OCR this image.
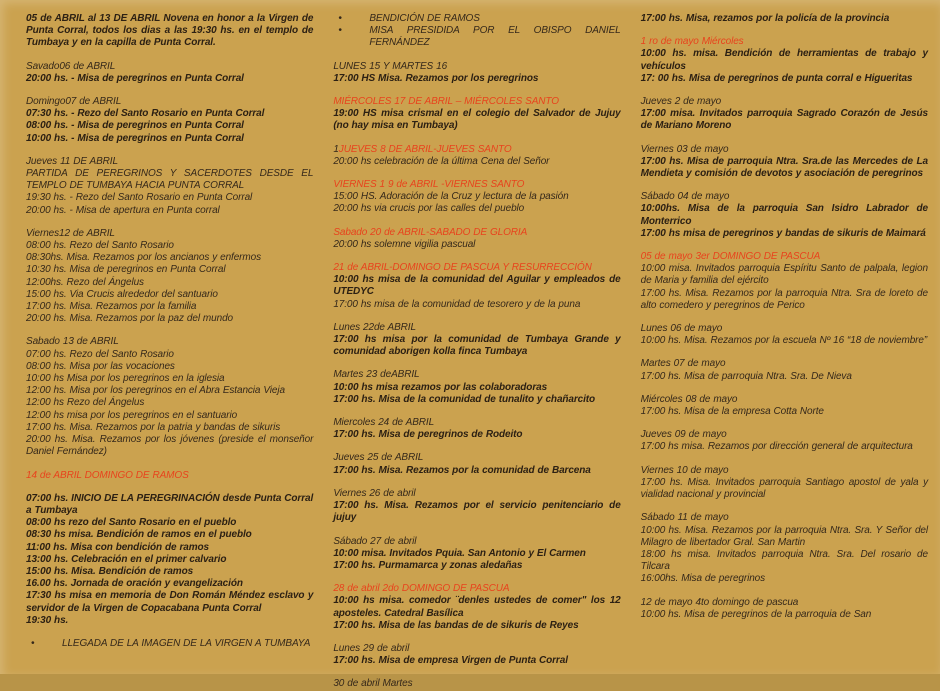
05 de ABRIL al 13 DE ABRIL Novena en honor a la Virgen de Punta Corral, todos los dias a las 19:30 hs. en el templo de Tumbaya y en la capilla de Punta Corral.

Savado06 de ABRIL

20:00 hs. - Misa de peregrinos en Punta Corral

Domingo07 de ABRIL

07:30 hs. - Rezo del Santo Rosario en Punta Corral

08:00 hs. - Misa de peregrinos en Punta Corral

10:00 hs. - Misa de peregrinos en Punta Corral

Jueves 11 DE ABRIL

PARTIDA DE PEREGRINOS Y SACERDOTES DESDE EL TEMPLO DE TUMBAYA HACIA PUNTA CORRAL

19:30 hs. - Rezo del Santo Rosario en Punta Corral

20:00 hs. - Misa de apertura en Punta corral

Viernes12 de ABRIL

08:00 hs. Rezo del Santo Rosario

08:30hs. Misa. Rezamos por los ancianos y enfermos

10:30 hs. Misa de peregrinos en Punta Corral

12:00hs. Rezo del Ángelus

15:00 hs. Via Crucis alrededor del santuario

17:00 hs. Misa. Rezamos por la familia

20:00 hs. Misa. Rezamos por la paz del mundo

Sabado 13 de ABRIL

07:00 hs. Rezo del Santo Rosario

08:00 hs. Misa por las vocaciones

10:00 hs Misa por los peregrinos en la iglesia

12:00 hs. Misa por los peregrinos en el Abra Estancia Vieja

12:00 hs Rezo del Ángelus

12:00 hs misa por los peregrinos en el santuario

17:00 hs. Misa. Rezamos por la patria y bandas de sikuris

20:00 hs. Misa. Rezamos por los jóvenes (preside el monseñor Daniel Fernández)

14 de ABRIL DOMINGO DE RAMOS

07:00 hs. INICIO DE LA PEREGRINACIÓN desde Punta Corral

a Tumbaya

08:00 hs rezo del Santo Rosario en el pueblo

08:30 hs misa. Bendición de ramos en el pueblo

11:00 hs. Misa con bendición de ramos

13:00 hs. Celebración en el primer calvario

15:00 hs. Misa. Bendición de ramos

16.00 hs. Jornada de oración y evangelización

17:30 hs misa en memoria de Don Román Méndez esclavo y servidor de la Virgen de Copacabana Punta Corral

19:30 hs.

•	LLEGADA DE LA IMAGEN DE LA VIRGEN A TUMBAYA

•	BENDICIÓN DE RAMOS

•	MISA PRESIDIDA POR EL OBISPO DANIEL FERNÁNDEZ

LUNES 15 Y MARTES 16

17:00 HS Misa. Rezamos por los peregrinos

MIÉRCOLES 17 DE ABRIL – MIÉRCOLES SANTO

19:00 HS misa crismal en el colegio del Salvador de Jujuy (no hay misa en Tumbaya)

1JUEVES 8 DE ABRIL-JUEVES SANTO

20:00 hs celebración de la última Cena del Señor

VIERNES 1 9 de ABRIL -VIERNES SANTO

15:00 HS. Adoración de la Cruz y lectura de la pasión

20:00 hs via crucis por las calles del pueblo

Sabado 20 de ABRIL-SABADO DE GLORIA

20:00 hs solemne vigilia pascual

21 de ABRIL-DOMINGO DE PASCUA Y RESURRECCIÓN

10:00 hs misa de la comunidad del Aguilar y empleados de UTEDYC

17:00 hs misa de la comunidad de tesorero y de la puna

Lunes 22de ABRIL

17:00 hs misa por la comunidad de Tumbaya Grande y comunidad aborigen kolla finca Tumbaya

Martes 23 deABRIL

10:00 hs misa rezamos por las colaboradoras

17:00 hs. Misa de la comunidad de tunalito y chañarcito

Miercoles 24 de ABRIL

17:00 hs. Misa de peregrinos de Rodeito

Jueves 25 de ABRIL

17:00 hs. Misa. Rezamos por la comunidad de Barcena

Viernes 26 de abril

17:00 hs. Misa. Rezamos por el servicio penitenciario de jujuy

Sábado 27 de abril

10:00 misa. Invitados Pquia. San Antonio y El Carmen

17:00 hs. Purmamarca y zonas aledañas

28 de abril 2do DOMINGO DE PASCUA

10:00 hs misa. comedor ¨denles ustedes de comer" los 12 aposteles. Catedral Basílica

17:00 hs. Misa de las bandas de de sikuris de Reyes

Lunes 29 de abril

17:00 hs. Misa de empresa Virgen de Punta Corral

30 de abril Martes

17:00 hs. Misa, rezamos por la policía de la provincia

1 ro de mayo Miércoles

10:00 hs. misa. Bendición de herramientas de trabajo y vehículos

17: 00 hs. Misa de peregrinos de punta corral e Higueritas

Jueves 2 de mayo

17:00 misa. Invitados parroquia Sagrado Corazón de Jesús de Mariano Moreno

Viernes 03 de mayo

17:00 hs. Misa de parroquia Ntra. Sra.de las Mercedes de La Mendieta y comisión de devotos y asociación de peregrinos

Sábado 04 de mayo

10:00hs. Misa de la parroquia San Isidro Labrador de Monterrico

17:00 hs misa de peregrinos y bandas de sikuris de Maimará

05 de mayo 3er DOMINGO DE PASCUA

10:00 misa. Invitados parroquia Espíritu Santo de palpala, legion de Maria y familia del ejército

17:00 hs. Misa. Rezamos por la parroquia Ntra. Sra de loreto de alto comedero y peregrinos de Perico

Lunes 06 de mayo

10:00 hs. Misa. Rezamos por la escuela Nº 16 “18 de noviembre”

Martes 07 de mayo

17:00 hs. Misa de parroquia Ntra. Sra. De Nieva

Miércoles 08 de mayo

17:00 hs. Misa de la empresa Cotta Norte

Jueves 09 de mayo

17:00 hs misa. Rezamos por dirección general de arquitectura

Viernes 10 de mayo

17:00 hs. Misa. Invitados parroquia Santiago apostol de yala y vialidad nacional y provincial

Sábado 11 de mayo

10:00 hs. Misa. Rezamos por la parroquia Ntra. Sra. Y Señor del Milagro de libertador Gral. San Martin

18:00 hs misa. Invitados parroquia Ntra. Sra. Del rosario de Tilcara

16:00hs. Misa de peregrinos

12 de mayo 4to domingo de pascua

10:00 hs. Misa de peregrinos de la parroquia de San
